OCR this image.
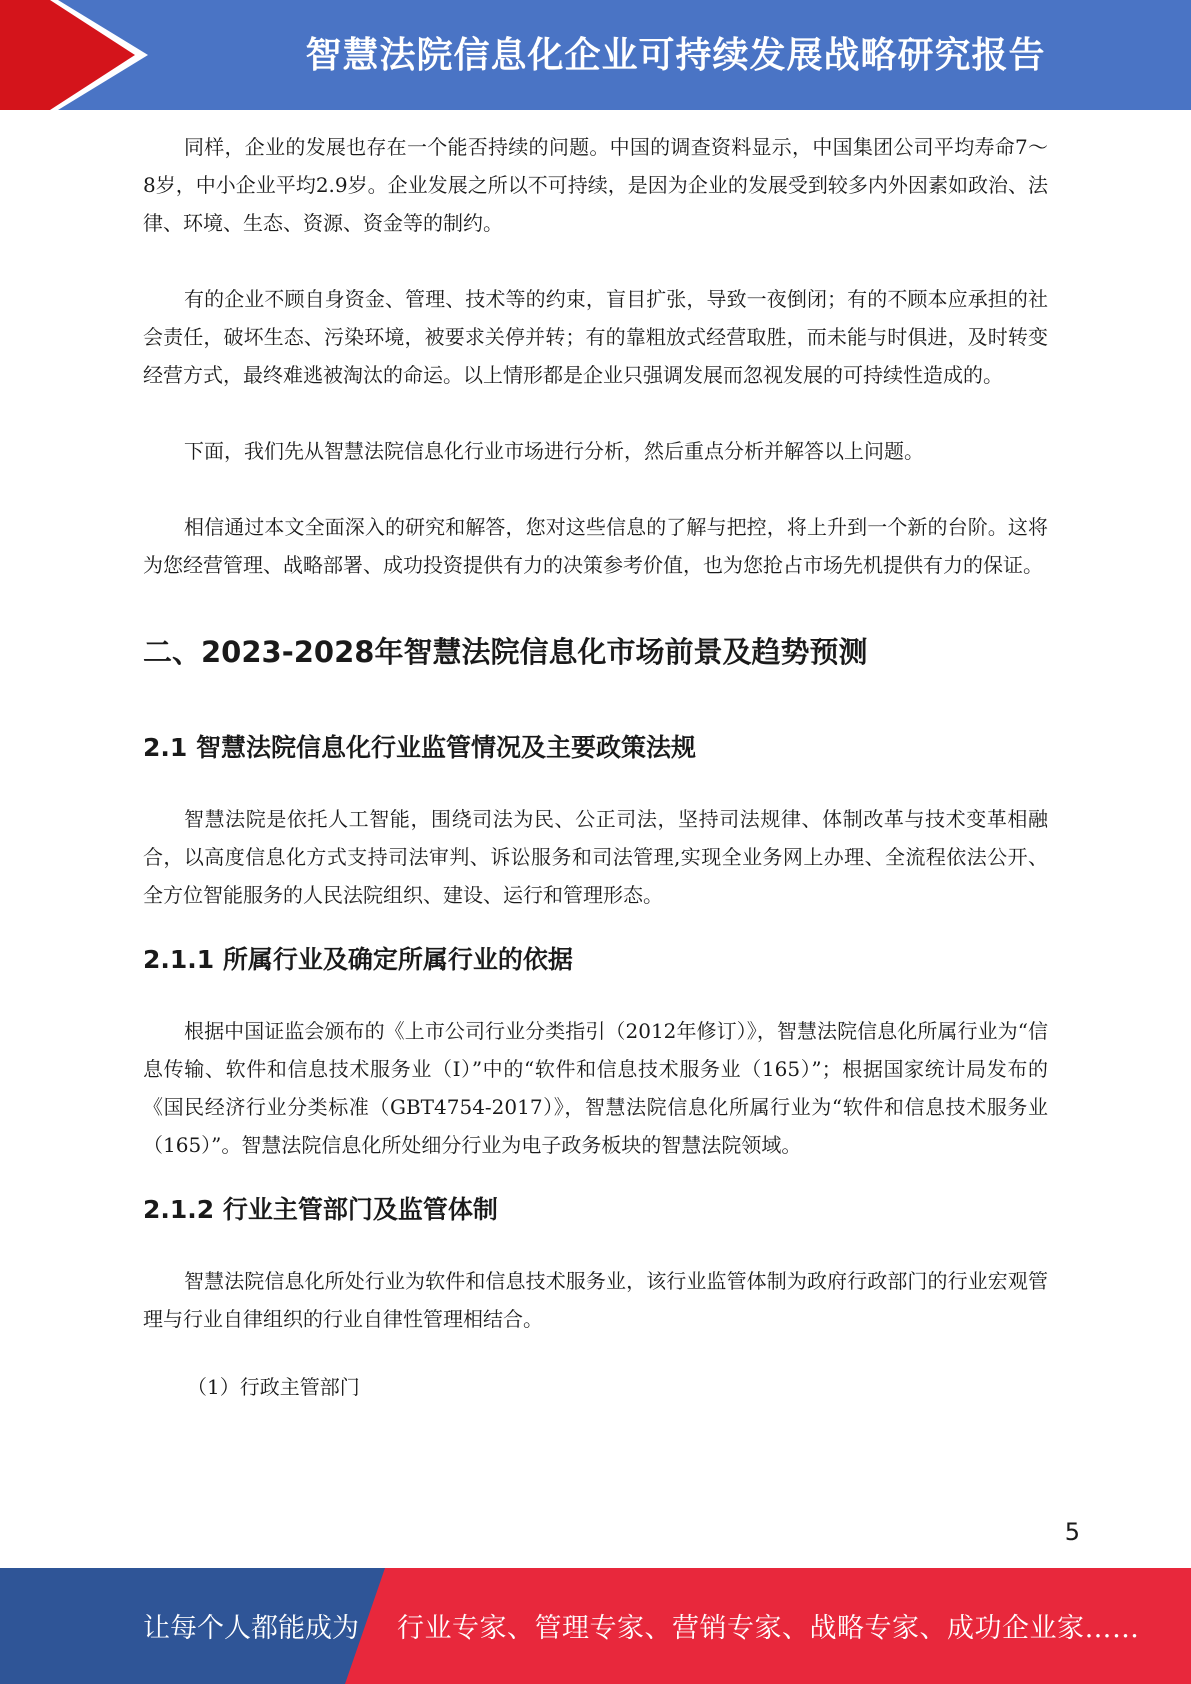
智慧法院信息化企业可持续发展战略研究报告

同样，企业的发展也存在一个能否持续的问题。中国的调查资料显示，中国集团公司平均寿命7～8岁，中小企业平均2.9岁。企业发展之所以不可持续，是因为企业的发展受到较多内外因素如政治、法律、环境、生态、资源、资金等的制约。

有的企业不顾自身资金、管理、技术等的约束，盲目扩张，导致一夜倒闭；有的不顾本应承担的社会责任，破坏生态、污染环境，被要求关停并转；有的靠粗放式经营取胜，而未能与时俱进，及时转变经营方式，最终难逃被淘汰的命运。以上情形都是企业只强调发展而忽视发展的可持续性造成的。

下面，我们先从智慧法院信息化行业市场进行分析，然后重点分析并解答以上问题。

相信通过本文全面深入的研究和解答，您对这些信息的了解与把控，将上升到一个新的台阶。这将为您经营管理、战略部署、成功投资提供有力的决策参考价值，也为您抢占市场先机提供有力的保证。

二、2023-2028年智慧法院信息化市场前景及趋势预测
2.1 智慧法院信息化行业监管情况及主要政策法规

智慧法院是依托人工智能，围绕司法为民、公正司法，坚持司法规律、体制改革与技术变革相融合，以高度信息化方式支持司法审判、诉讼服务和司法管理,实现全业务网上办理、全流程依法公开、全方位智能服务的人民法院组织、建设、运行和管理形态。

2.1.1 所属行业及确定所属行业的依据

根据中国证监会颁布的《上市公司行业分类指引（2012年修订）》，智慧法院信息化所属行业为“信息传输、软件和信息技术服务业（I）”中的“软件和信息技术服务业（165）”；根据国家统计局发布的《国民经济行业分类标准（GBT4754-2017）》，智慧法院信息化所属行业为“软件和信息技术服务业（165）”。智慧法院信息化所处细分行业为电子政务板块的智慧法院领域。

2.1.2 行业主管部门及监管体制

智慧法院信息化所处行业为软件和信息技术服务业，该行业监管体制为政府行政部门的行业宏观管理与行业自律组织的行业自律性管理相结合。

（1）行政主管部门

5
让每个人都能成为 行业专家、管理专家、营销专家、战略专家、成功企业家……
